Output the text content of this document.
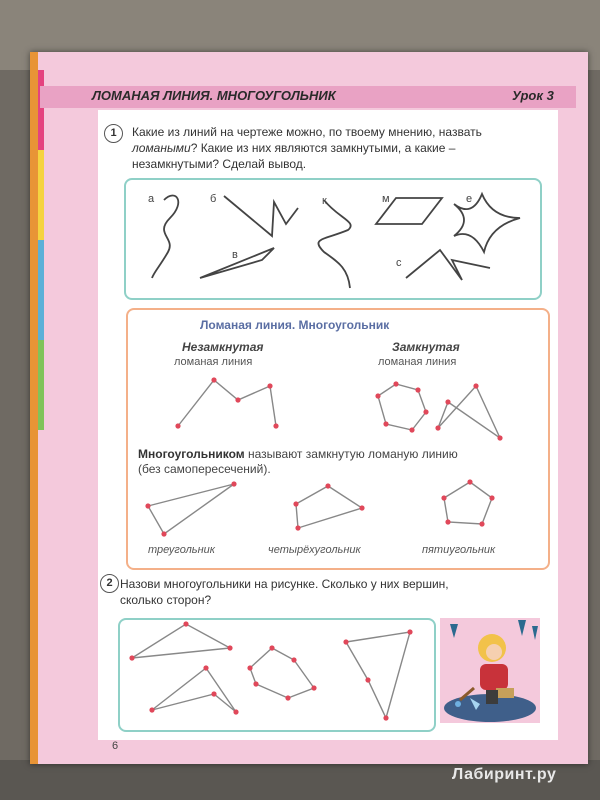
ЛОМАНАЯ ЛИНИЯ. МНОГОУГОЛЬНИК	Урок 3
1	Какие из линий на чертеже можно, по твоему мнению, назвать
ломаными? Какие из них являются замкнутыми, а какие –
незамкнутыми? Сделай вывод.
а	б	к	м	е
в
с
Ломаная линия. Многоугольник
Незамкнутая
ломаная линия
Замкнутая
ломаная линия
Многоугольником называют замкнутую ломаную линию
(без самопересечений).
треугольник	четырёхугольник	пятиугольник
2 Назови многоугольники на рисунке. Сколько у них вершин,
сколько сторон?
6
Лабиринт.ру
